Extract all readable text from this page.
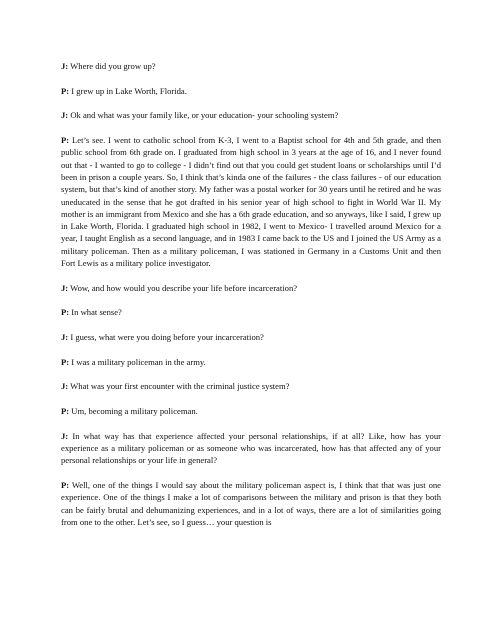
J: Where did you grow up?

P: I grew up in Lake Worth, Florida.

J: Ok and what was your family like, or your education- your schooling system?

P: Let’s see. I went to catholic school from K-3, I went to a Baptist school for 4th and 5th grade, and then public school from 6th grade on. I graduated from high school in 3 years at the age of 16, and I never found out that - I wanted to go to college - I didn’t find out that you could get student loans or scholarships until I’d been in prison a couple years. So, I think that’s kinda one of the failures - the class failures - of our education system, but that’s kind of another story. My father was a postal worker for 30 years until he retired and he was uneducated in the sense that he got drafted in his senior year of high school to fight in World War II. My mother is an immigrant from Mexico and she has a 6th grade education, and so anyways, like I said, I grew up in Lake Worth, Florida. I graduated high school in 1982, I went to Mexico- I travelled around Mexico for a year, I taught English as a second language, and in 1983 I came back to the US and I joined the US Army as a military policeman. Then as a military policeman, I was stationed in Germany in a Customs Unit and then Fort Lewis as a military police investigator.

J: Wow, and how would you describe your life before incarceration?

P: In what sense?

J: I guess, what were you doing before your incarceration?

P: I was a military policeman in the army.

J: What was your first encounter with the criminal justice system?

P: Um, becoming a military policeman.

J: In what way has that experience affected your personal relationships, if at all? Like, how has your experience as a military policeman or as someone who was incarcerated, how has that affected any of your personal relationships or your life in general?

P: Well, one of the things I would say about the military policeman aspect is, I think that that was just one experience. One of the things I make a lot of comparisons between the military and prison is that they both can be fairly brutal and dehumanizing experiences, and in a lot of ways, there are a lot of similarities going from one to the other. Let’s see, so I guess… your question is
